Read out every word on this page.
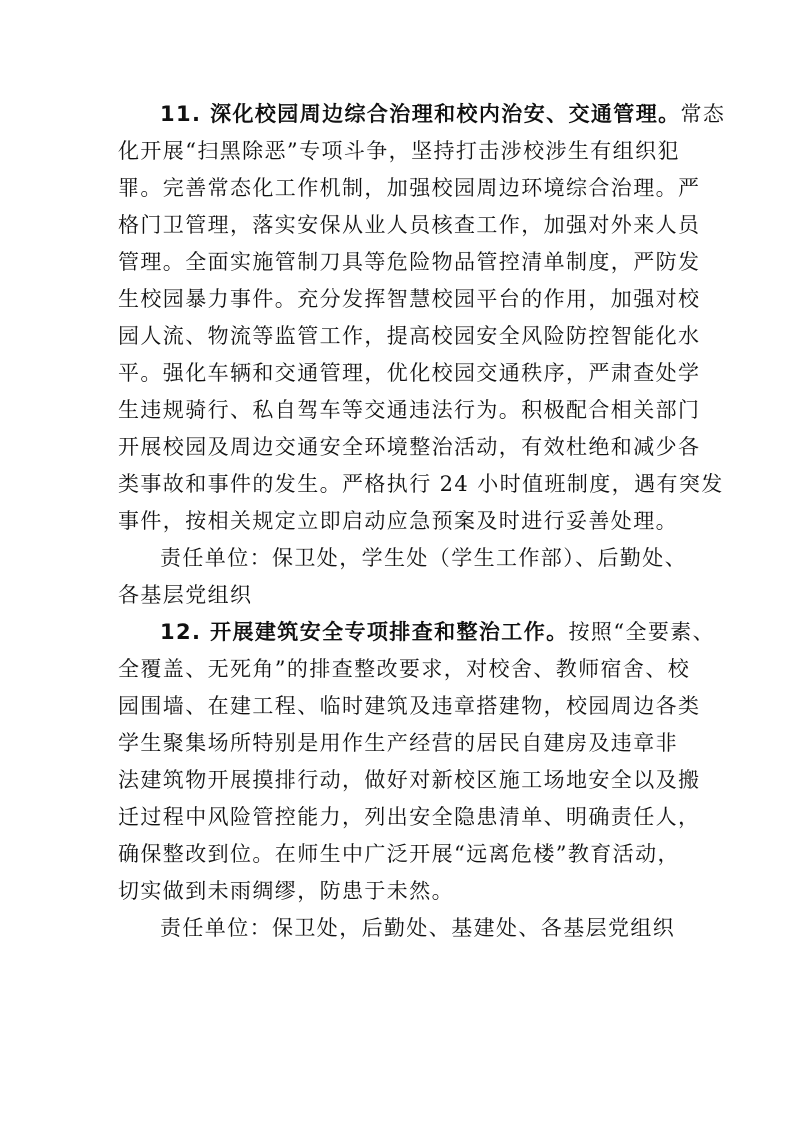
11. 深化校园周边综合治理和校内治安、交通管理。常态
化开展“扫黑除恶”专项斗争，坚持打击涉校涉生有组织犯
罪。完善常态化工作机制，加强校园周边环境综合治理。严
格门卫管理，落实安保从业人员核查工作，加强对外来人员
管理。全面实施管制刀具等危险物品管控清单制度，严防发
生校园暴力事件。充分发挥智慧校园平台的作用，加强对校
园人流、物流等监管工作，提高校园安全风险防控智能化水
平。强化车辆和交通管理，优化校园交通秩序，严肃查处学
生违规骑行、私自驾车等交通违法行为。积极配合相关部门
开展校园及周边交通安全环境整治活动，有效杜绝和减少各
类事故和事件的发生。严格执行 24 小时值班制度，遇有突发
事件，按相关规定立即启动应急预案及时进行妥善处理。
责任单位：保卫处，学生处（学生工作部）、后勤处、
各基层党组织
12. 开展建筑安全专项排查和整治工作。按照“全要素、
全覆盖、无死角”的排查整改要求，对校舍、教师宿舍、校
园围墙、在建工程、临时建筑及违章搭建物，校园周边各类
学生聚集场所特别是用作生产经营的居民自建房及违章非
法建筑物开展摸排行动，做好对新校区施工场地安全以及搬
迁过程中风险管控能力，列出安全隐患清单、明确责任人，
确保整改到位。在师生中广泛开展“远离危楼”教育活动，
切实做到未雨绸缪，防患于未然。
责任单位：保卫处，后勤处、基建处、各基层党组织
